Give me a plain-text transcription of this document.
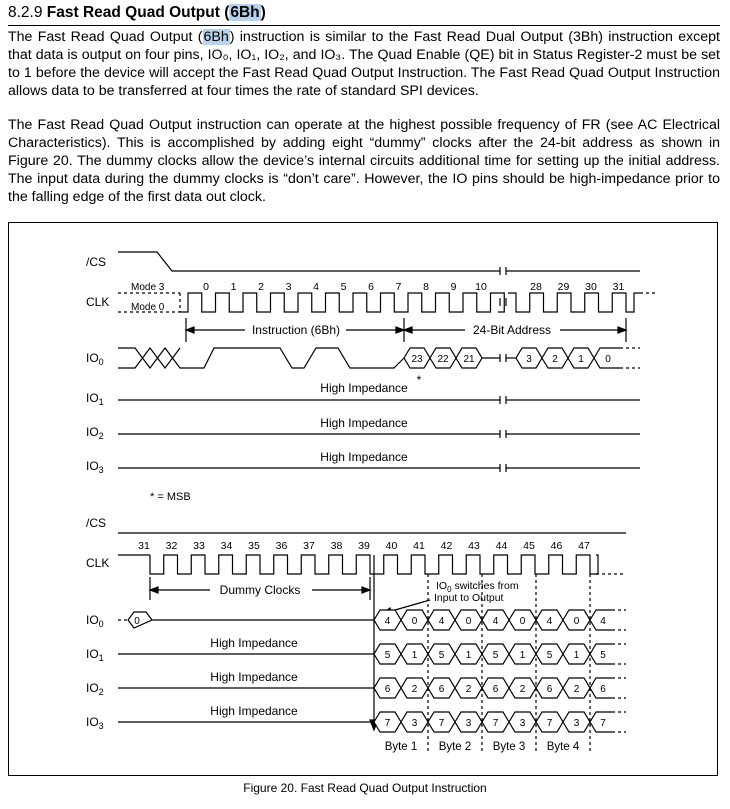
8.2.9 Fast Read Quad Output (6Bh)

The Fast Read Quad Output (6Bh) instruction is similar to the Fast Read Dual Output (3Bh) instruction except that data is output on four pins, IO₀, IO₁, IO₂, and IO₃. The Quad Enable (QE) bit in Status Register-2 must be set to 1 before the device will accept the Fast Read Quad Output Instruction. The Fast Read Quad Output Instruction allows data to be transferred at four times the rate of standard SPI devices.

The Fast Read Quad Output instruction can operate at the highest possible frequency of FR (see AC Electrical Characteristics). This is accomplished by adding eight “dummy” clocks after the 24-bit address as shown in Figure 20. The dummy clocks allow the device’s internal circuits additional time for setting up the initial address. The input data during the dummy clocks is “don’t care”. However, the IO pins should be high-impedance prior to the falling edge of the first data out clock.

/CS
CLK
$IO_0$
$IO_1$
$IO_2$
$IO_3$
Mode 3
Mode 0
0 1 2 3 4 5 6 7 8 9 10	28 29 30 31
Instruction (6Bh)	24-Bit Address
23 22 21	3 2 1 0
*
High Impedance
High Impedance
High Impedance
* = MSB
/CS
CLK
$IO_0$
$IO_1$
$IO_2$
$IO_3$
31 32 33 34 35 36 37 38 39 40 41 42 43 44 45 46 47
Dummy Clocks	$IO_0$ switches from
Input to Output
0
High Impedance
High Impedance
High Impedance
4 0 4 0 4 0 4 0 4
5 1 5 1 5 1 5 1 5
6 2 6 2 6 2 6 2 6
7 3 7 3 7 3 7 3 7
Byte 1 Byte 2 Byte 3 Byte 4
Figure 20. Fast Read Quad Output Instruction
